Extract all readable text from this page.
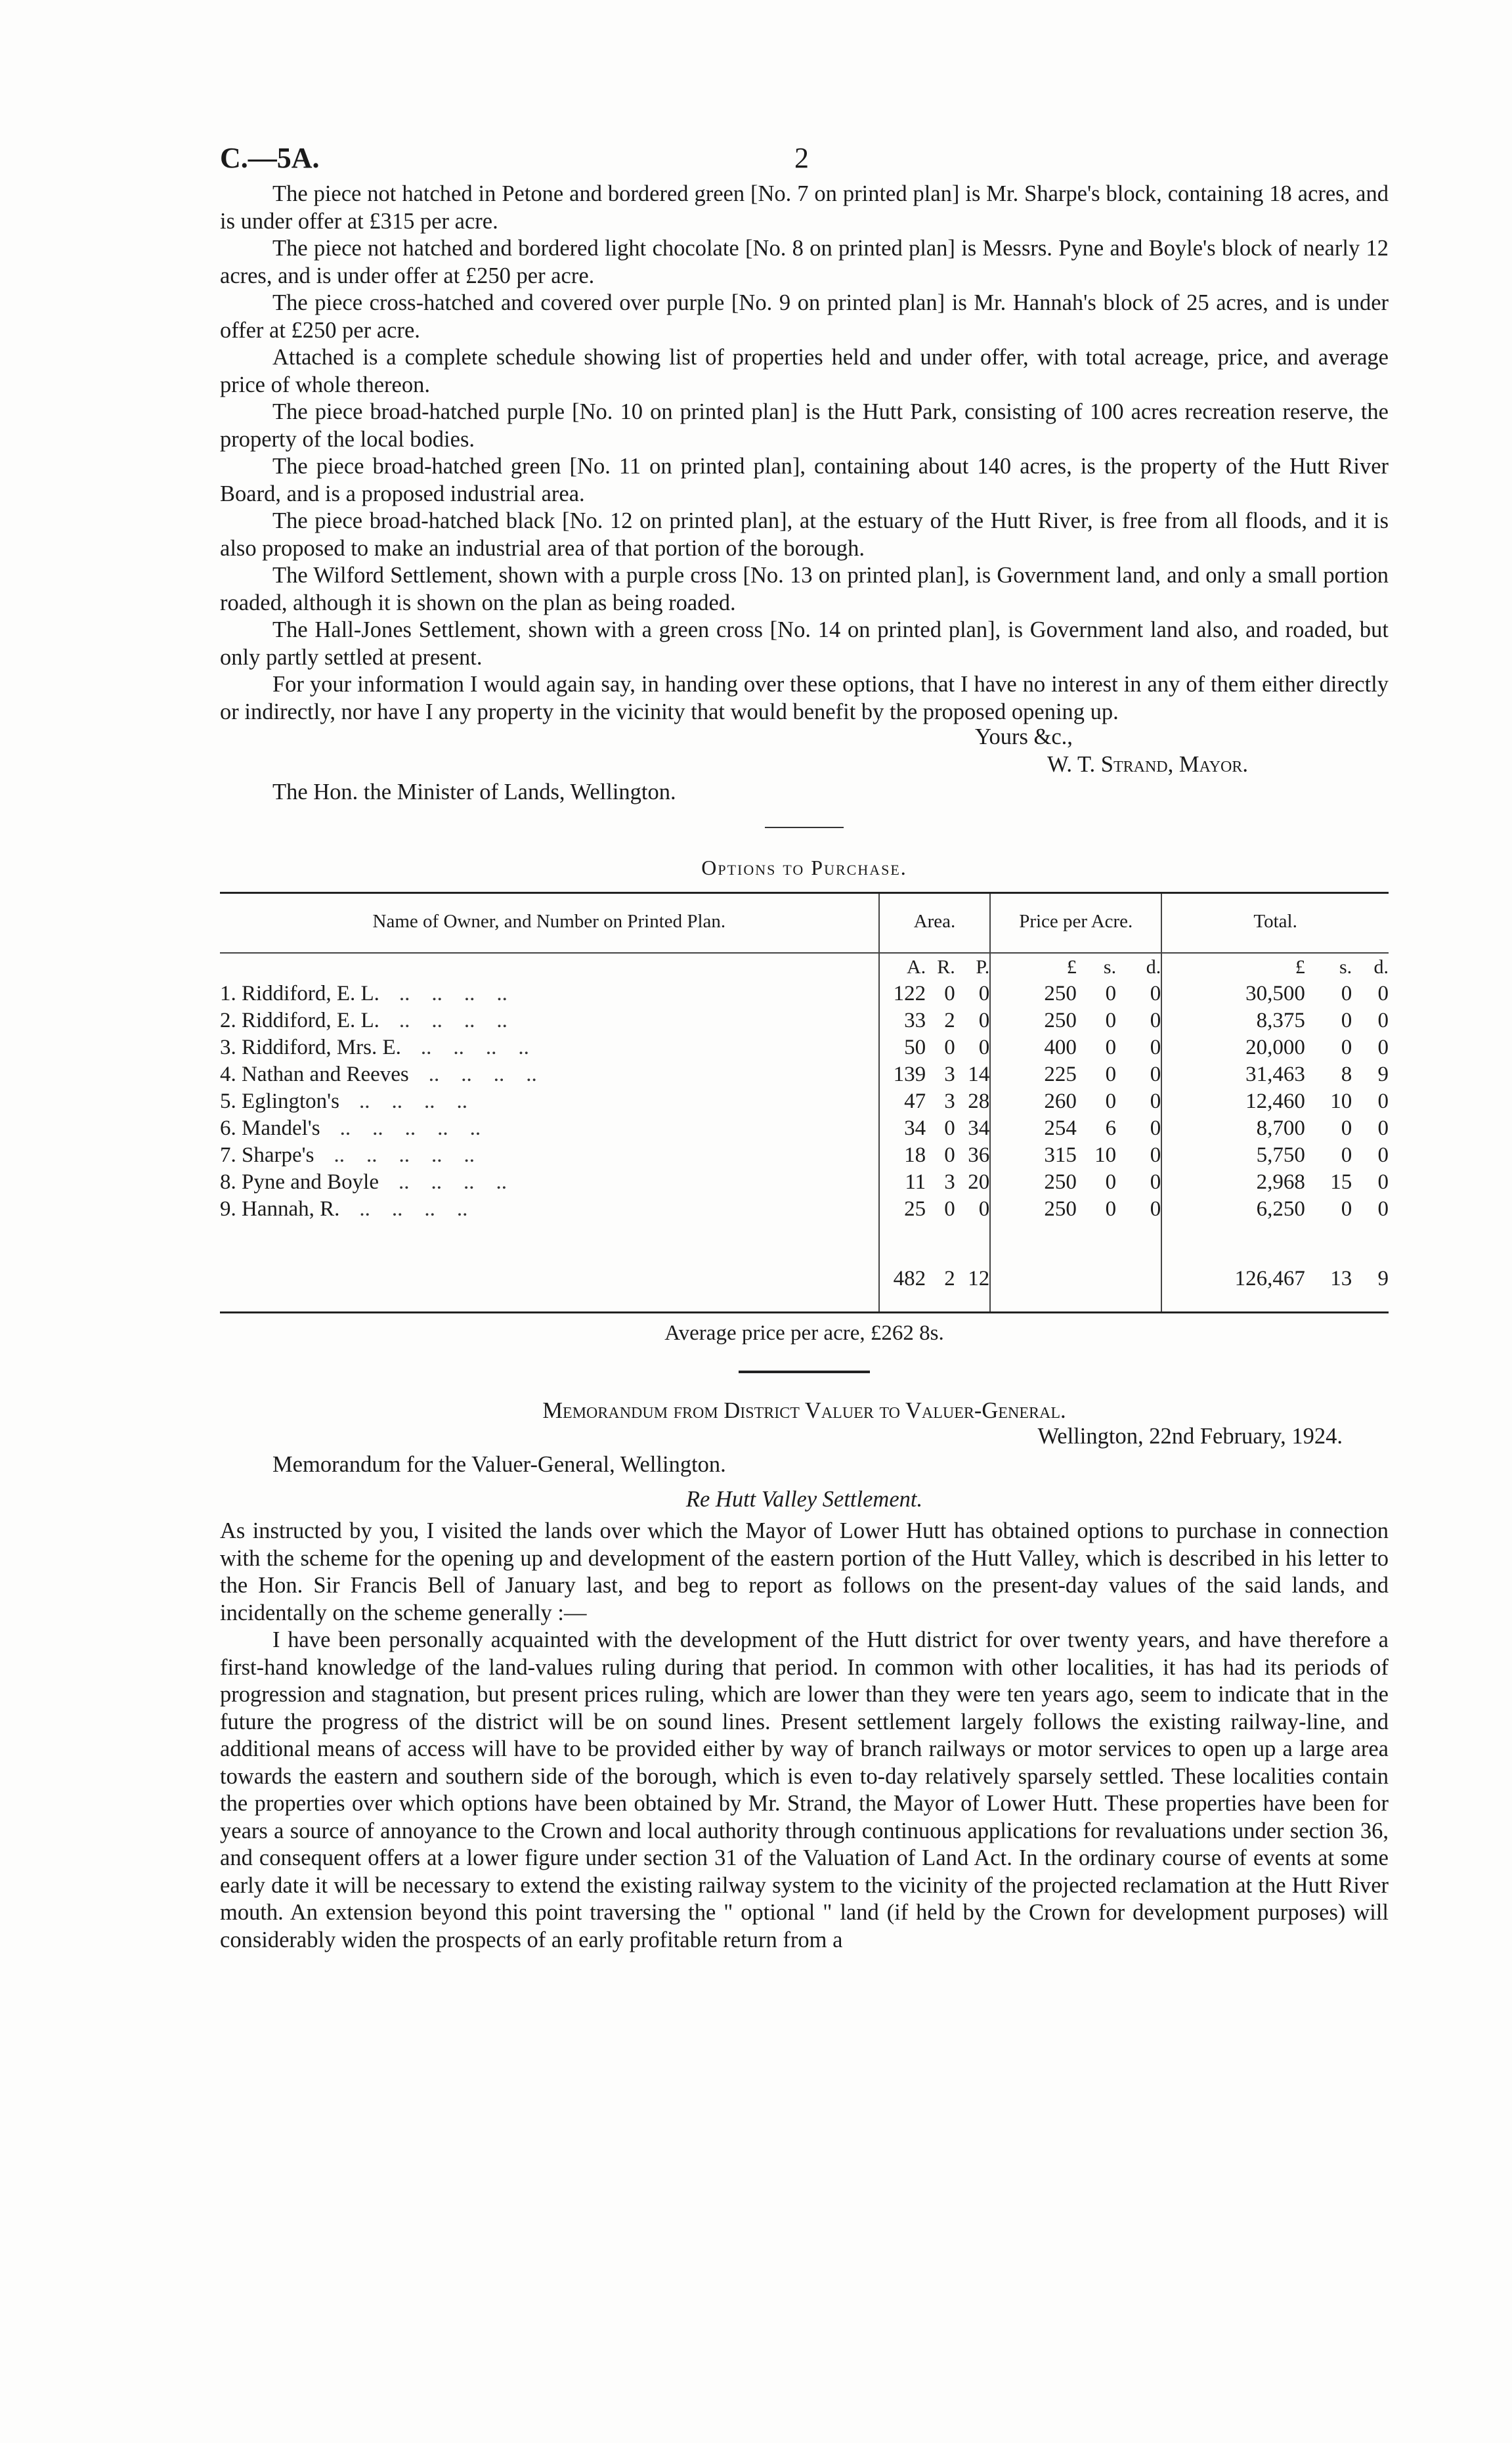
C.—5A.	2

The piece not hatched in Petone and bordered green [No. 7 on printed plan] is Mr. Sharpe's block, containing 18 acres, and is under offer at £315 per acre.

The piece not hatched and bordered light chocolate [No. 8 on printed plan] is Messrs. Pyne and Boyle's block of nearly 12 acres, and is under offer at £250 per acre.

The piece cross-hatched and covered over purple [No. 9 on printed plan] is Mr. Hannah's block of 25 acres, and is under offer at £250 per acre.

Attached is a complete schedule showing list of properties held and under offer, with total acreage, price, and average price of whole thereon.

The piece broad-hatched purple [No. 10 on printed plan] is the Hutt Park, consisting of 100 acres recreation reserve, the property of the local bodies.

The piece broad-hatched green [No. 11 on printed plan], containing about 140 acres, is the property of the Hutt River Board, and is a proposed industrial area.

The piece broad-hatched black [No. 12 on printed plan], at the estuary of the Hutt River, is free from all floods, and it is also proposed to make an industrial area of that portion of the borough.

The Wilford Settlement, shown with a purple cross [No. 13 on printed plan], is Government land, and only a small portion roaded, although it is shown on the plan as being roaded.

The Hall-Jones Settlement, shown with a green cross [No. 14 on printed plan], is Government land also, and roaded, but only partly settled at present.

For your information I would again say, in handing over these options, that I have no interest in any of them either directly or indirectly, nor have I any property in the vicinity that would benefit by the proposed opening up.

Yours &c.,
W. T. Strand, Mayor.
The Hon. the Minister of Lands, Wellington.
Options to Purchase.
Name of Owner, and Number on Printed Plan.	Area.			Price per Acre.			Total.		
	A.	R.	P.	£	s.	d.	£	s.	d.
1. Riddiford, E. L. ..    ..    ..    ..	122	0	0	250	0	0	30,500	0	0
2. Riddiford, E. L. ..    ..    ..    ..	33	2	0	250	0	0	8,375	0	0
3. Riddiford, Mrs. E. ..    ..    ..    ..	50	0	0	400	0	0	20,000	0	0
4. Nathan and Reeves ..    ..    ..    ..	139	3	14	225	0	0	31,463	8	9
5. Eglington's ..    ..    ..    ..	47	3	28	260	0	0	12,460	10	0
6. Mandel's ..    ..    ..    ..    ..	34	0	34	254	6	0	8,700	0	0
7. Sharpe's ..    ..    ..    ..    ..	18	0	36	315	10	0	5,750	0	0
8. Pyne and Boyle ..    ..    ..    ..	11	3	20	250	0	0	2,968	15	0
9. Hannah, R. ..    ..    ..    ..	25	0	0	250	0	0	6,250	0	0

	482	2	12				126,467	13	9
Average price per acre, £262 8s.
Memorandum from District Valuer to Valuer-General.
Wellington, 22nd February, 1924.
Memorandum for the Valuer-General, Wellington.
Re Hutt Valley Settlement.

As instructed by you, I visited the lands over which the Mayor of Lower Hutt has obtained options to purchase in connection with the scheme for the opening up and development of the eastern portion of the Hutt Valley, which is described in his letter to the Hon. Sir Francis Bell of January last, and beg to report as follows on the present-day values of the said lands, and incidentally on the scheme generally :—

I have been personally acquainted with the development of the Hutt district for over twenty years, and have therefore a first-hand knowledge of the land-values ruling during that period. In common with other localities, it has had its periods of progression and stagnation, but present prices ruling, which are lower than they were ten years ago, seem to indicate that in the future the progress of the district will be on sound lines. Present settlement largely follows the existing railway-line, and additional means of access will have to be provided either by way of branch railways or motor services to open up a large area towards the eastern and southern side of the borough, which is even to-day relatively sparsely settled. These localities contain the properties over which options have been obtained by Mr. Strand, the Mayor of Lower Hutt. These properties have been for years a source of annoyance to the Crown and local authority through continuous applications for revaluations under section 36, and consequent offers at a lower figure under section 31 of the Valuation of Land Act. In the ordinary course of events at some early date it will be necessary to extend the existing railway system to the vicinity of the projected reclamation at the Hutt River mouth. An extension beyond this point traversing the " optional " land (if held by the Crown for development purposes) will considerably widen the prospects of an early profitable return from a
